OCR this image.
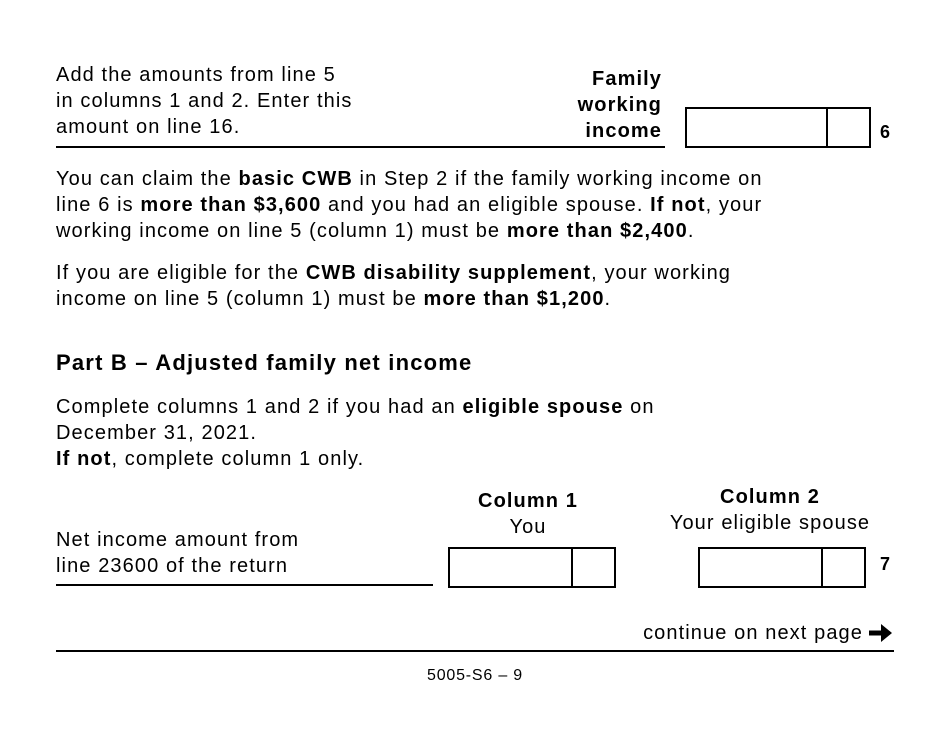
Add the amounts from line 5
in columns 1 and 2. Enter this
amount on line 16.
Family
working
income	6
You can claim the basic CWB in Step 2 if the family working income on
line 6 is more than $3,600 and you had an eligible spouse. If not, your
working income on line 5 (column 1) must be more than $2,400.
If you are eligible for the CWB disability supplement, your working
income on line 5 (column 1) must be more than $1,200.
Part B – Adjusted family net income
Complete columns 1 and 2 if you had an eligible spouse on
December 31, 2021.
If not, complete column 1 only.
Column 1
You
Column 2
Your eligible spouse
Net income amount from
line 23600 of the return	7
continue on next page
5005-S6 – 9
